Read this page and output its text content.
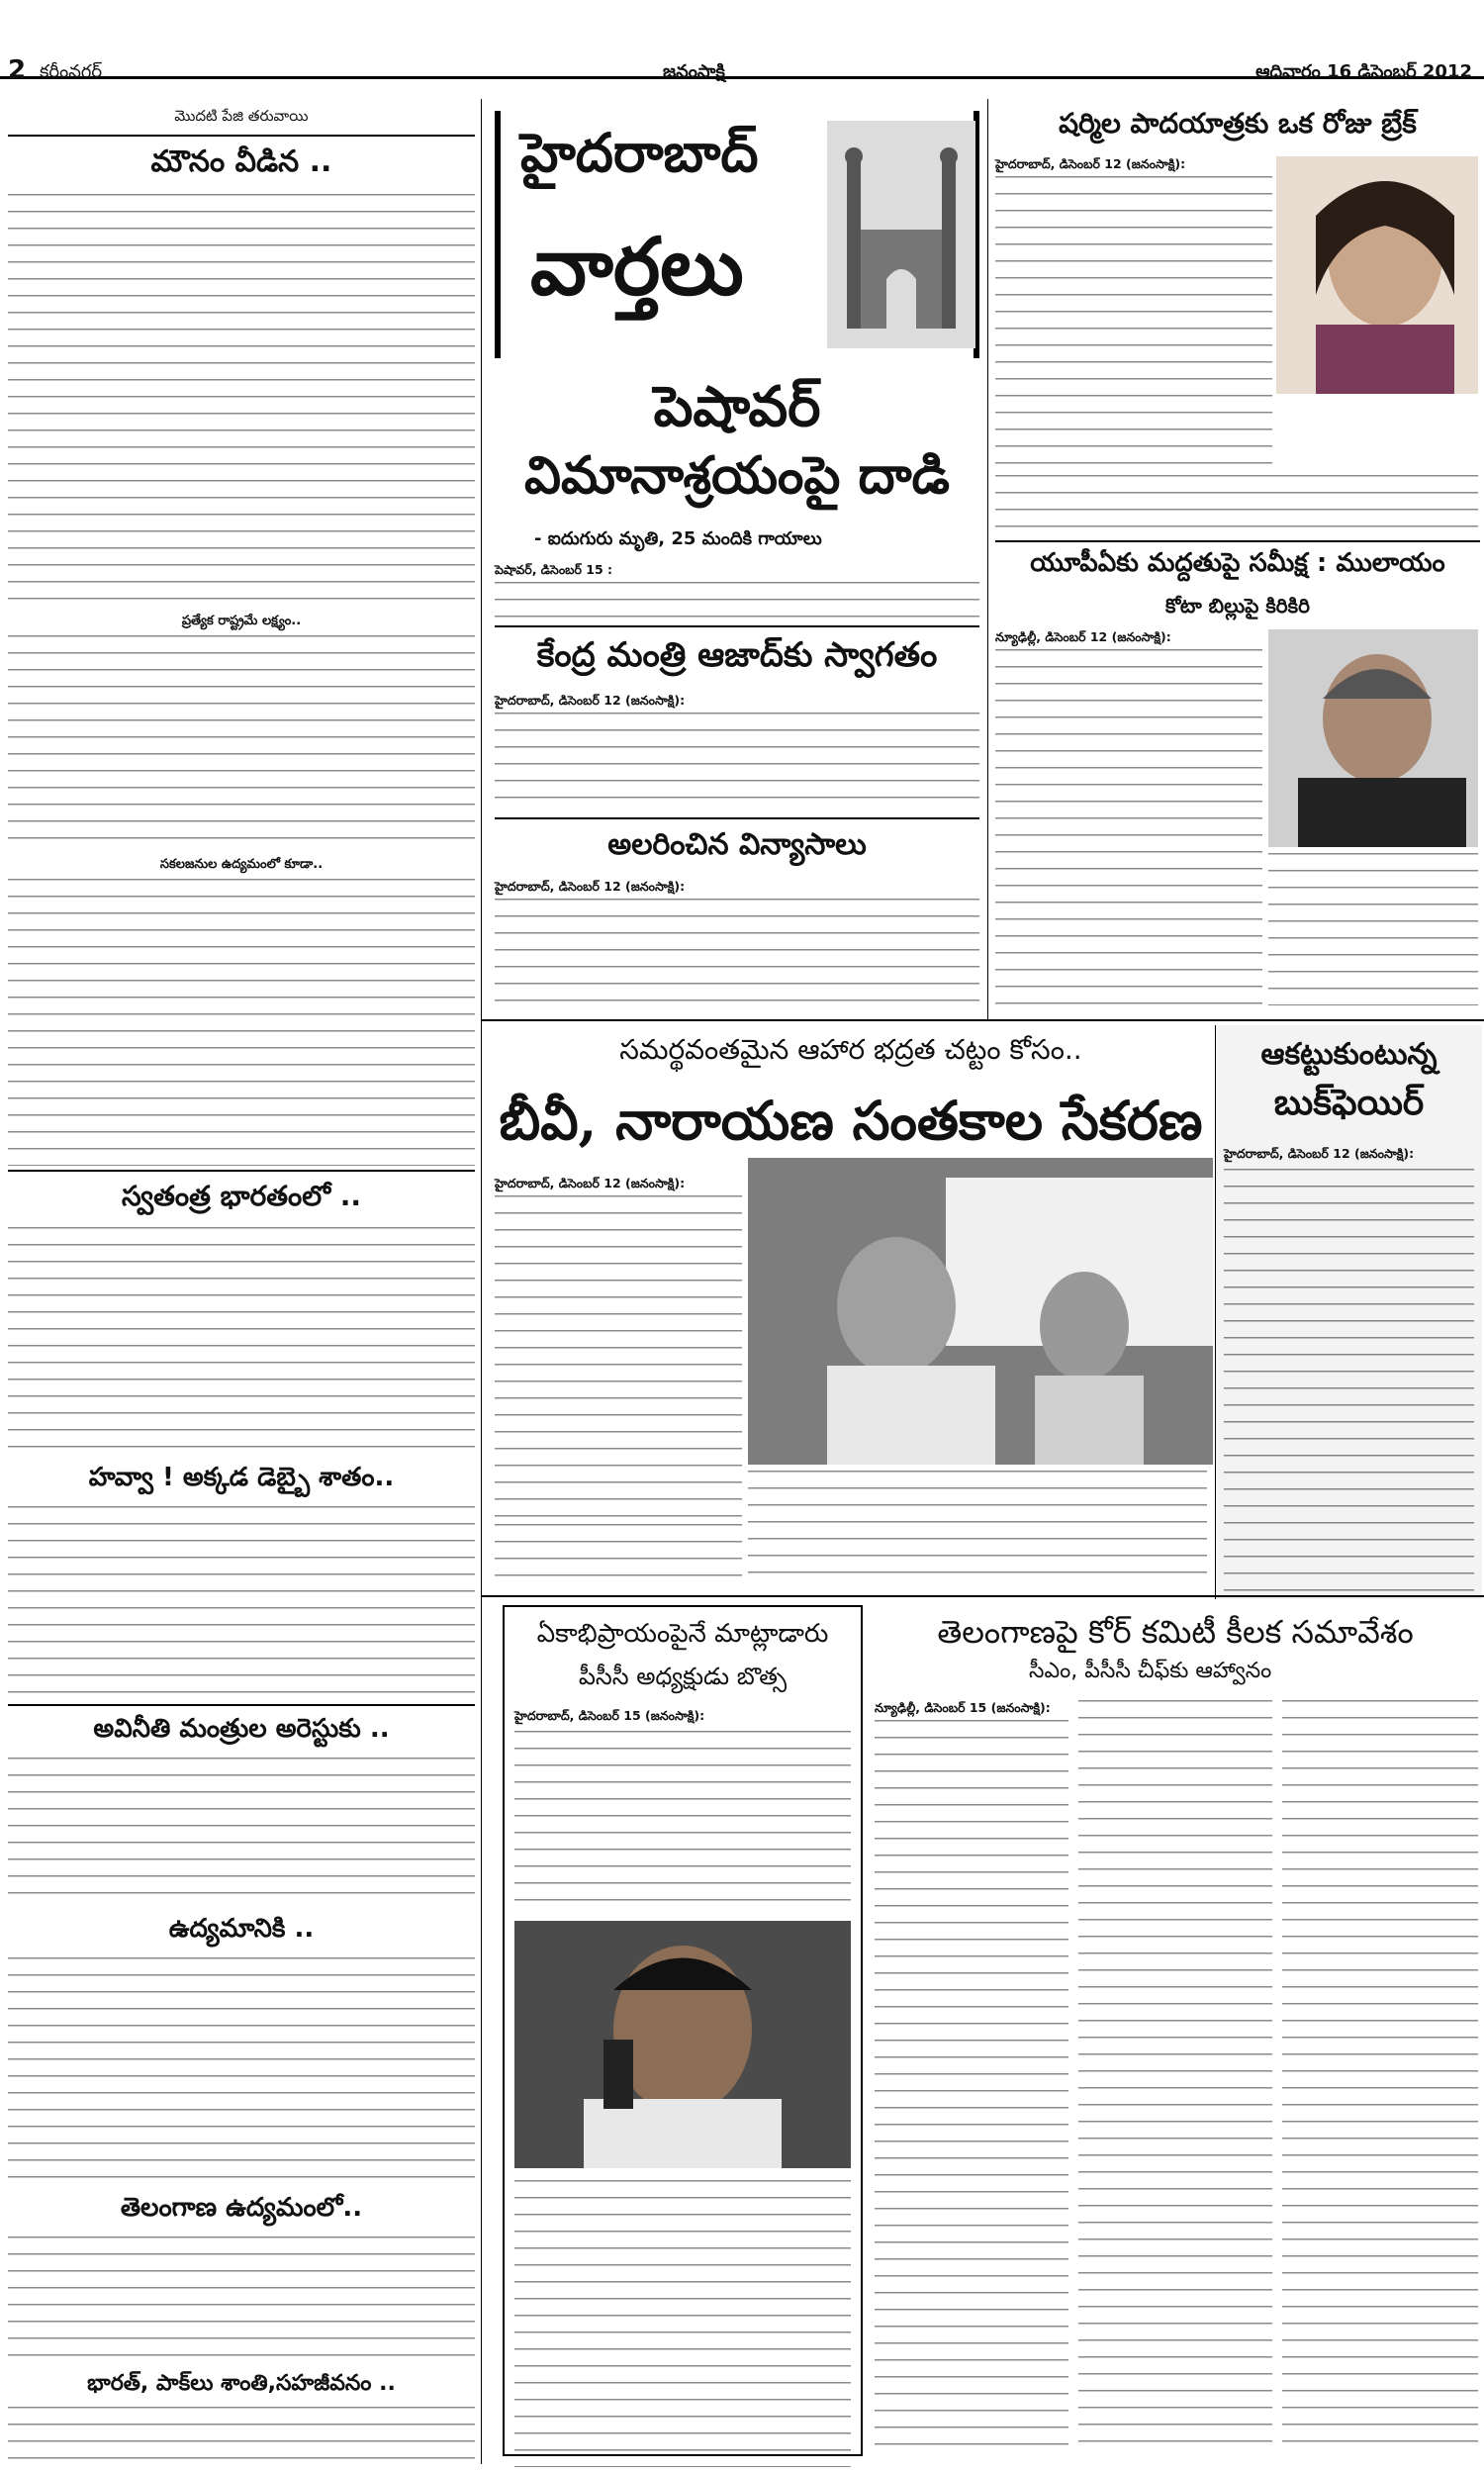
2 కరీంనగర్	జనంసాక్షి	ఆదివారం 16 డిసెంబర్ 2012
మొదటి పేజి తరువాయి
మౌనం వీడిన ..
ప్రత్యేక రాష్ట్రమే లక్ష్యం..
సకలజనుల ఉద్యమంలో కూడా..
స్వతంత్ర భారతంలో ..
హవ్వా ! అక్కడ డెబ్బై శాతం..
అవినీతి మంత్రుల అరెస్టుకు ..
ఉద్యమానికి ..
తెలంగాణ ఉద్యమంలో..
భారత్, పాక్‌లు శాంతి,సహజీవనం ..
హైదరాబాద్
వార్తలు
పెషావర్
విమానాశ్రయంపై దాడి
- ఐదుగురు మృతి, 25 మందికి గాయాలు
పెషావర్, డిసెంబర్ 15 :
కేంద్ర మంత్రి ఆజాద్‌కు స్వాగతం
హైదరాబాద్, డిసెంబర్ 12 (జనంసాక్షి):
అలరించిన విన్యాసాలు
హైదరాబాద్, డిసెంబర్ 12 (జనంసాక్షి):
షర్మిల పాదయాత్రకు ఒక రోజు బ్రేక్
హైదరాబాద్, డిసెంబర్ 12 (జనంసాక్షి):
యూపీఏకు మద్దతుపై సమీక్ష : ములాయం
కోటా బిల్లుపై కిరికిరి
న్యూఢిల్లీ, డిసెంబర్ 12 (జనంసాక్షి):
సమర్థవంతమైన ఆహార భద్రత చట్టం కోసం..
బీవీ, నారాయణ సంతకాల సేకరణ
హైదరాబాద్, డిసెంబర్ 12 (జనంసాక్షి):
ఆకట్టుకుంటున్న
బుక్‌ఫెయిర్
హైదరాబాద్, డిసెంబర్ 12 (జనంసాక్షి):
ఏకాభిప్రాయంపైనే మాట్లాడారు
పీసీసీ అధ్యక్షుడు బొత్స
హైదరాబాద్, డిసెంబర్ 15 (జనంసాక్షి):
తెలంగాణపై కోర్ కమిటీ కీలక సమావేశం
సీఎం, పీసీసీ చీఫ్‌కు ఆహ్వానం
న్యూఢిల్లీ, డిసెంబర్ 15 (జనంసాక్షి):
